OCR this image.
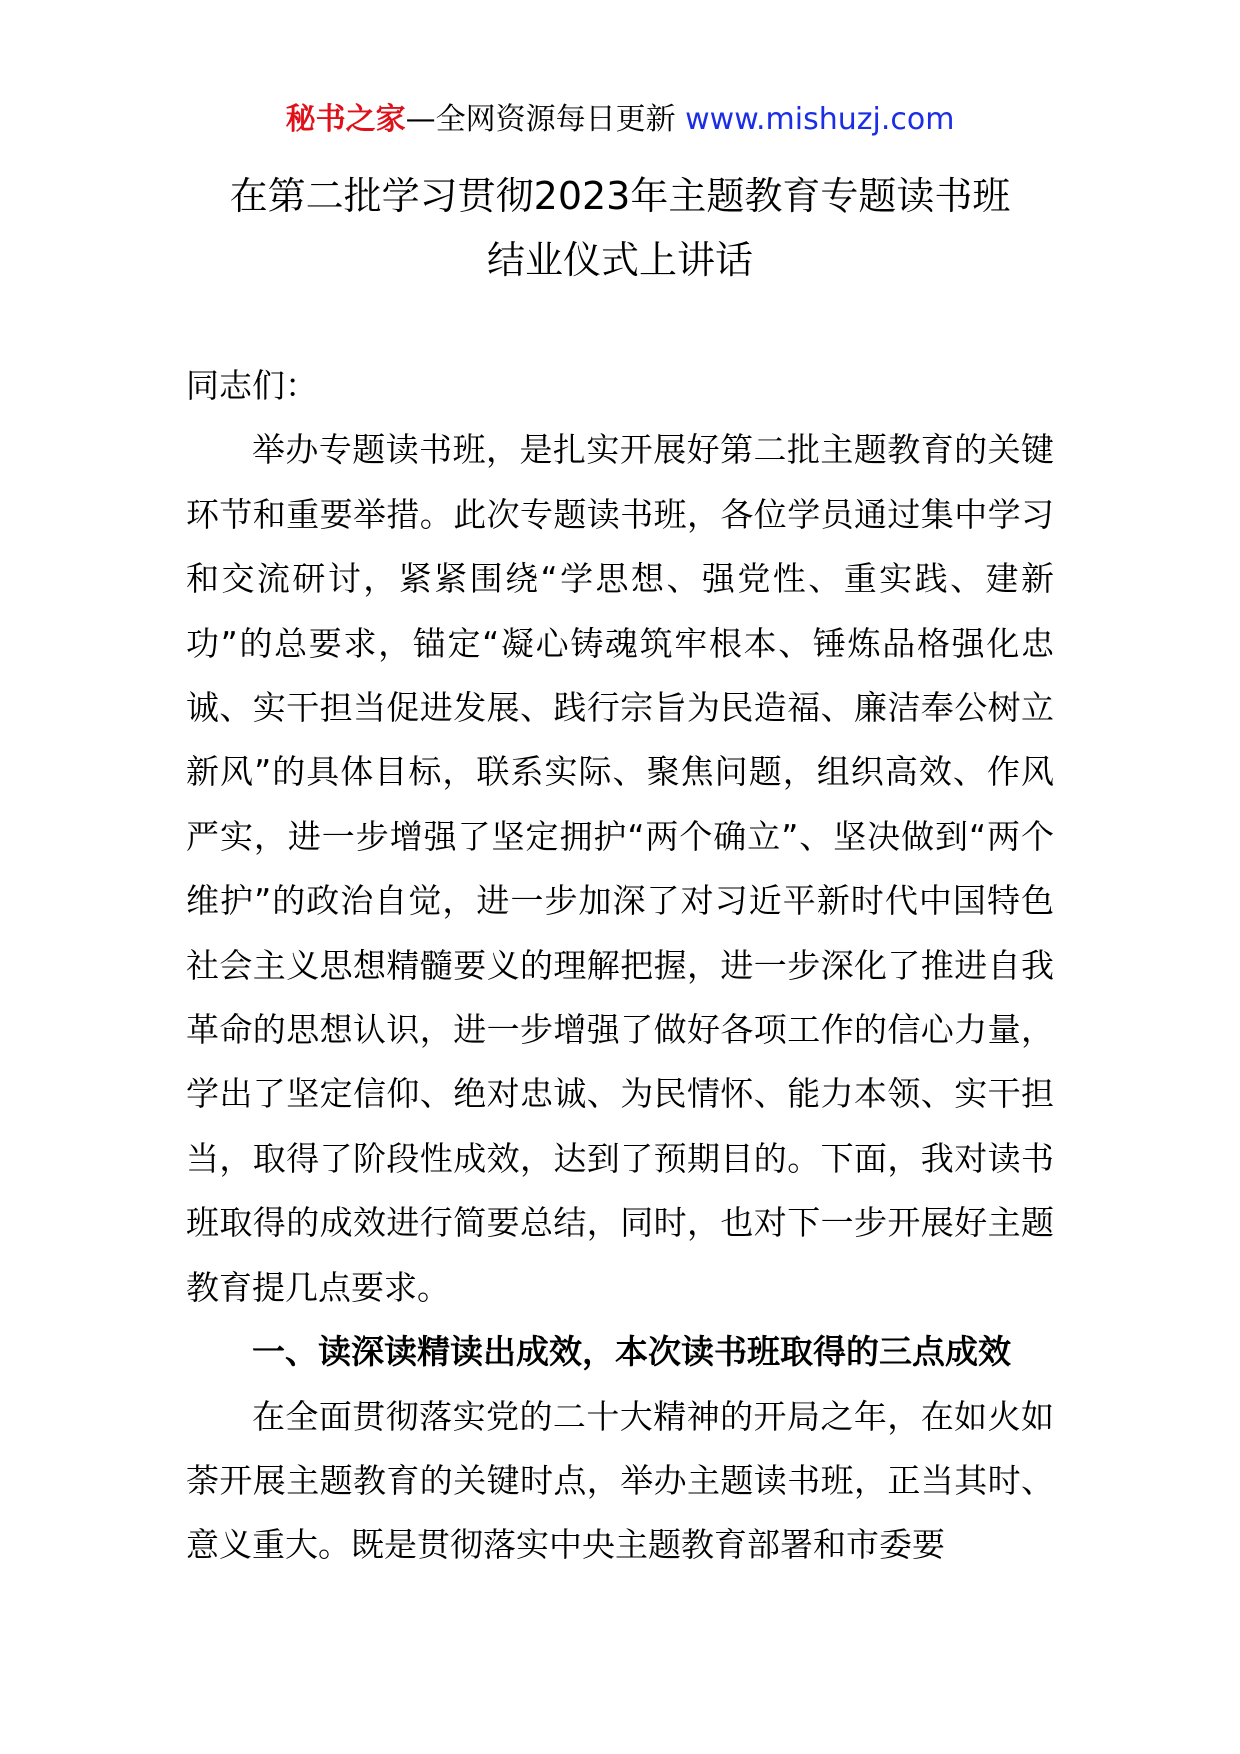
秘书之家—全网资源每日更新 www.mishuzj.com
在第二批学习贯彻2023年主题教育专题读书班
结业仪式上讲话

同志们：

举办专题读书班，是扎实开展好第二批主题教育的关键环节和重要举措。此次专题读书班，各位学员通过集中学习和交流研讨，紧紧围绕“学思想、强党性、重实践、建新功”的总要求，锚定“凝心铸魂筑牢根本、锤炼品格强化忠诚、实干担当促进发展、践行宗旨为民造福、廉洁奉公树立新风”的具体目标，联系实际、聚焦问题，组织高效、作风严实，进一步增强了坚定拥护“两个确立”、坚决做到“两个维护”的政治自觉，进一步加深了对习近平新时代中国特色社会主义思想精髓要义的理解把握，进一步深化了推进自我革命的思想认识，进一步增强了做好各项工作的信心力量，学出了坚定信仰、绝对忠诚、为民情怀、能力本领、实干担当，取得了阶段性成效，达到了预期目的。下面，我对读书班取得的成效进行简要总结，同时，也对下一步开展好主题教育提几点要求。

一、读深读精读出成效，本次读书班取得的三点成效

在全面贯彻落实党的二十大精神的开局之年，在如火如荼开展主题教育的关键时点，举办主题读书班，正当其时、意义重大。既是贯彻落实中央主题教育部署和市委要
